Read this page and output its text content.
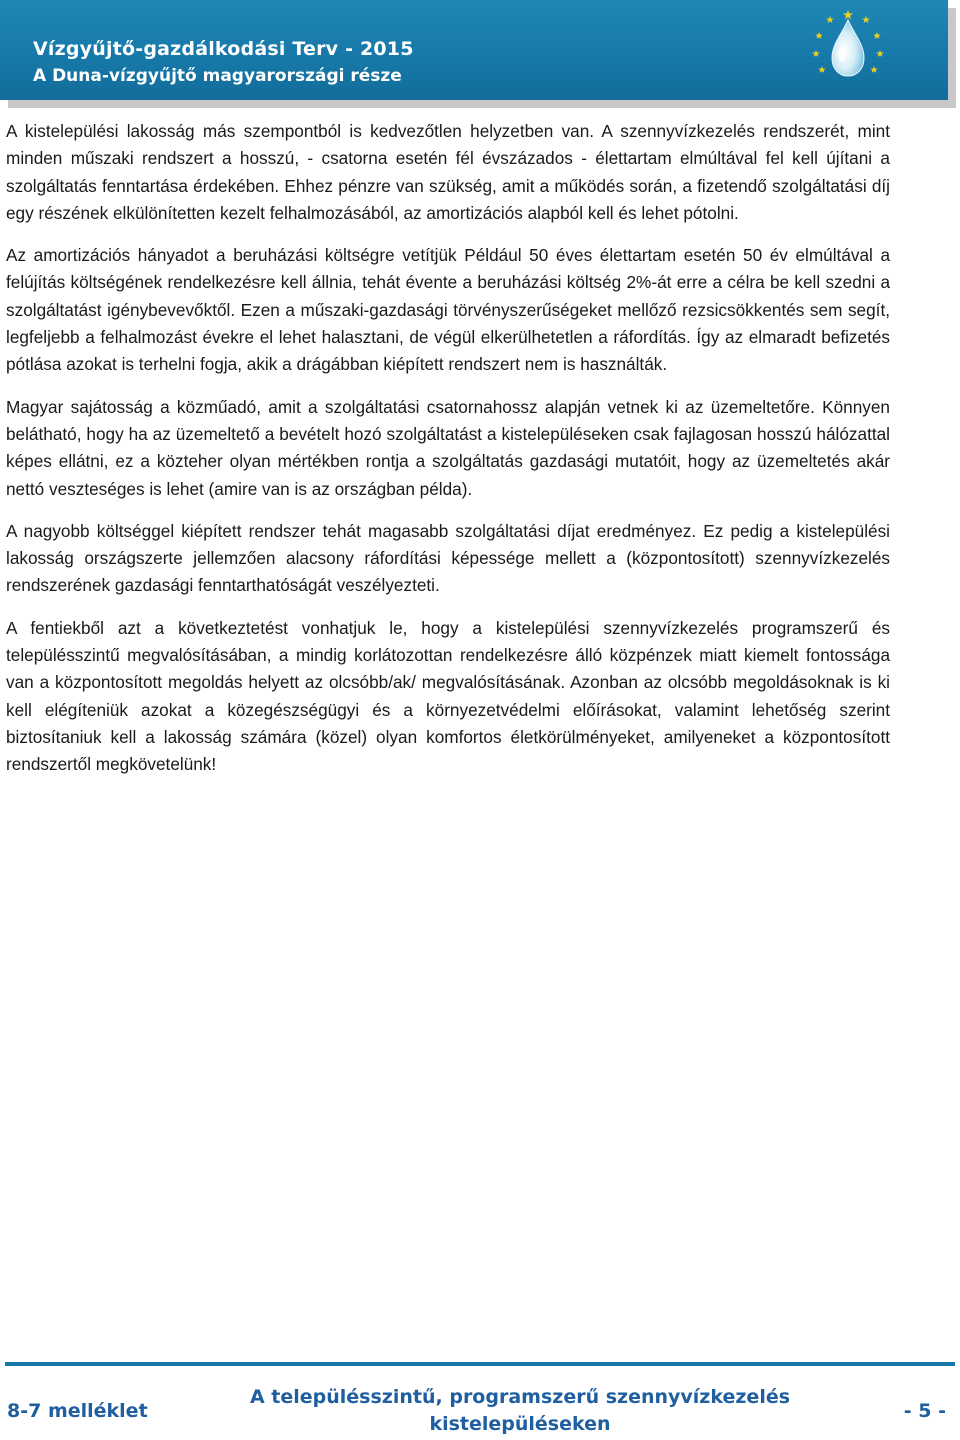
Vízgyűjtő-gazdálkodási Terv - 2015
A Duna-vízgyűjtő magyarországi része

A kistelepülési lakosság más szempontból is kedvezőtlen helyzetben van. A szennyvízkezelés rendszerét, mint minden műszaki rendszert a hosszú, - csatorna esetén fél évszázados - élettartam elmúltával fel kell újítani a szolgáltatás fenntartása érdekében. Ehhez pénzre van szükség, amit a működés során, a fizetendő szolgáltatási díj egy részének elkülönítetten kezelt felhalmozásából, az amortizációs alapból kell és lehet pótolni.

Az amortizációs hányadot a beruházási költségre vetítjük Például 50 éves élettartam esetén 50 év elmúltával a felújítás költségének rendelkezésre kell állnia, tehát évente a beruházási költség 2%-át erre a célra be kell szedni a szolgáltatást igénybevevőktől. Ezen a műszaki-gazdasági törvényszerűségeket mellőző rezsicsökkentés sem segít, legfeljebb a felhalmozást évekre el lehet halasztani, de végül elkerülhetetlen a ráfordítás. Így az elmaradt befizetés pótlása azokat is terhelni fogja, akik a drágábban kiépített rendszert nem is használták.

Magyar sajátosság a közműadó, amit a szolgáltatási csatornahossz alapján vetnek ki az üzemeltetőre. Könnyen belátható, hogy ha az üzemeltető a bevételt hozó szolgáltatást a kistelepüléseken csak fajlagosan hosszú hálózattal képes ellátni, ez a közteher olyan mértékben rontja a szolgáltatás gazdasági mutatóit, hogy az üzemeltetés akár nettó veszteséges is lehet (amire van is az országban példa).

A nagyobb költséggel kiépített rendszer tehát magasabb szolgáltatási díjat eredményez. Ez pedig a kistelepülési lakosság országszerte jellemzően alacsony ráfordítási képessége mellett a (központosított) szennyvízkezelés rendszerének gazdasági fenntarthatóságát veszélyezteti.

A fentiekből azt a következtetést vonhatjuk le, hogy a kistelepülési szennyvízkezelés programszerű és településszintű megvalósításában, a mindig korlátozottan rendelkezésre álló közpénzek miatt kiemelt fontossága van a központosított megoldás helyett az olcsóbb/ak/ megvalósításának. Azonban az olcsóbb megoldásoknak is ki kell elégíteniük azokat a közegészségügyi és a környezetvédelmi előírásokat, valamint lehetőség szerint biztosítaniuk kell a lakosság számára (közel) olyan komfortos életkörülményeket, amilyeneket a központosított rendszertől megkövetelünk!

8-7 melléklet
A településszintű, programszerű szennyvízkezelés
kistelepüléseken
- 5 -
